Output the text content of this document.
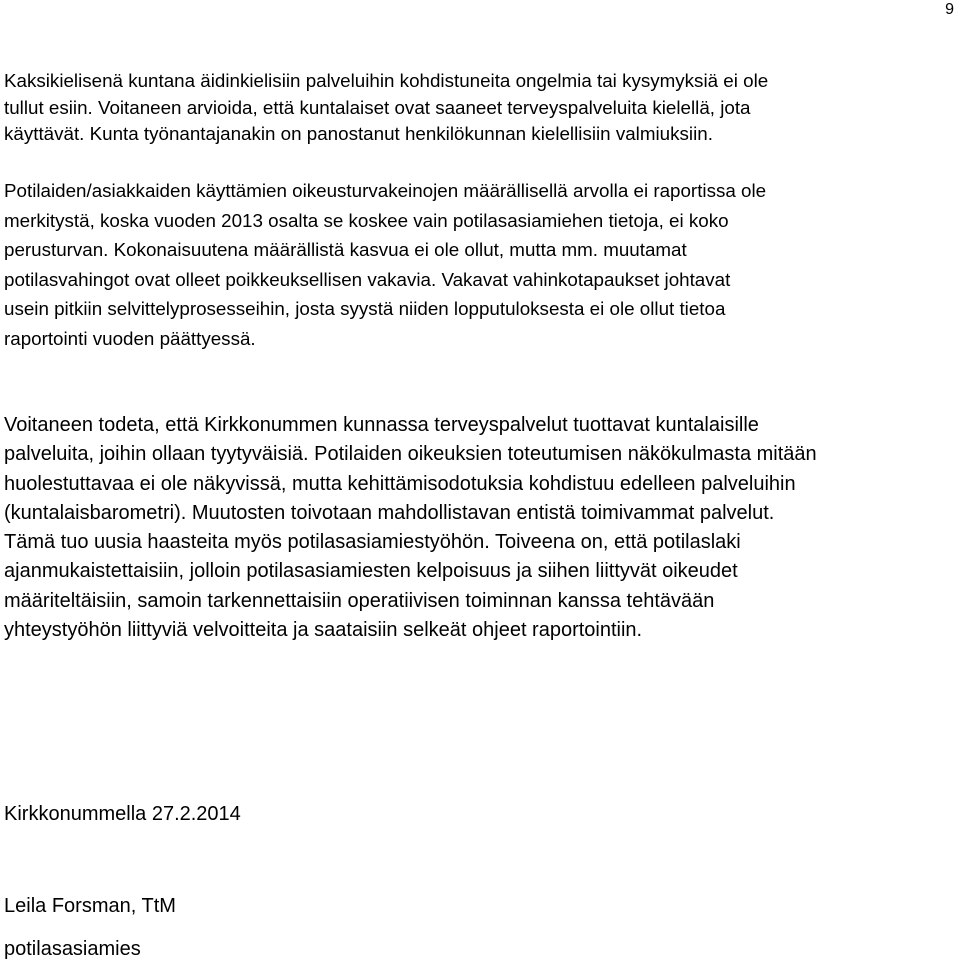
9

Kaksikielisenä kuntana äidinkielisiin palveluihin kohdistuneita ongelmia tai kysymyksiä ei ole
tullut esiin. Voitaneen arvioida, että kuntalaiset ovat saaneet terveyspalveluita kielellä, jota
käyttävät. Kunta työnantajanakin on panostanut henkilökunnan kielellisiin valmiuksiin.

Potilaiden/asiakkaiden käyttämien oikeusturvakeinojen määrällisellä arvolla ei raportissa ole
merkitystä, koska vuoden 2013 osalta se koskee vain potilasasiamiehen tietoja, ei koko
perusturvan. Kokonaisuutena määrällistä kasvua ei ole ollut, mutta mm. muutamat
potilasvahingot ovat olleet poikkeuksellisen vakavia. Vakavat vahinkotapaukset johtavat
usein pitkiin selvittelyprosesseihin, josta syystä niiden lopputuloksesta ei ole ollut tietoa
raportointi vuoden päättyessä.

Voitaneen todeta, että Kirkkonummen kunnassa terveyspalvelut tuottavat kuntalaisille
palveluita, joihin ollaan tyytyväisiä. Potilaiden oikeuksien toteutumisen näkökulmasta mitään
huolestuttavaa ei ole näkyvissä, mutta kehittämisodotuksia kohdistuu edelleen palveluihin
(kuntalaisbarometri). Muutosten toivotaan mahdollistavan entistä toimivammat palvelut.
Tämä tuo uusia haasteita myös potilasasiamiestyöhön. Toiveena on, että potilaslaki
ajanmukaistettaisiin, jolloin potilasasiamiesten kelpoisuus ja siihen liittyvät oikeudet
määriteltäisiin, samoin tarkennettaisiin operatiivisen toiminnan kanssa tehtävään
yhteystyöhön liittyviä velvoitteita ja saataisiin selkeät ohjeet raportointiin.

Kirkkonummella 27.2.2014

Leila Forsman, TtM

potilasasiamies
